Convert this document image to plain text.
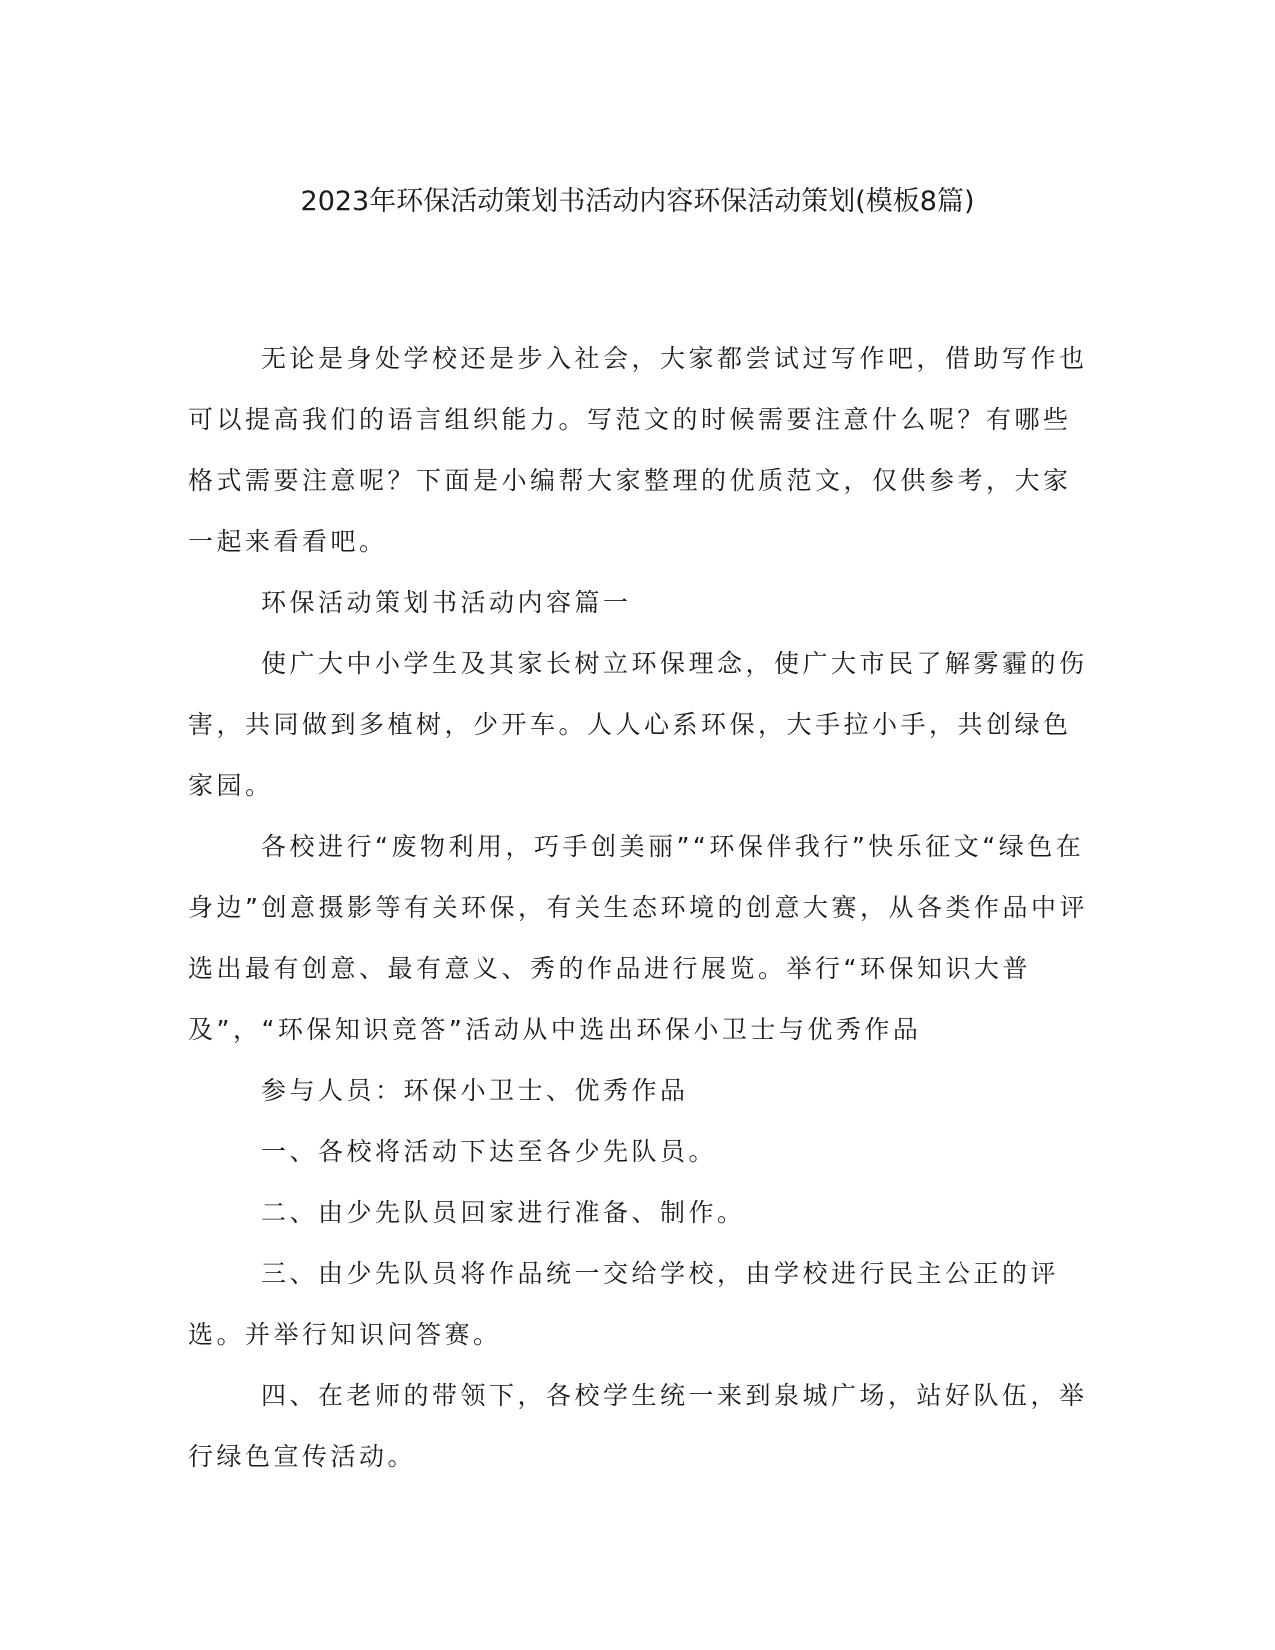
2023年环保活动策划书活动内容环保活动策划(模板8篇)

无论是身处学校还是步入社会，大家都尝试过写作吧，借助写作也可以提高我们的语言组织能力。写范文的时候需要注意什么呢？有哪些格式需要注意呢？下面是小编帮大家整理的优质范文，仅供参考，大家一起来看看吧。

环保活动策划书活动内容篇一

使广大中小学生及其家长树立环保理念，使广大市民了解雾霾的伤害，共同做到多植树，少开车。人人心系环保，大手拉小手，共创绿色家园。

各校进行“废物利用，巧手创美丽”“环保伴我行”快乐征文“绿色在身边”创意摄影等有关环保，有关生态环境的创意大赛，从各类作品中评选出最有创意、最有意义、秀的作品进行展览。举行“环保知识大普及”，“环保知识竞答”活动从中选出环保小卫士与优秀作品

参与人员：环保小卫士、优秀作品

一、各校将活动下达至各少先队员。

二、由少先队员回家进行准备、制作。

三、由少先队员将作品统一交给学校，由学校进行民主公正的评选。并举行知识问答赛。

四、在老师的带领下，各校学生统一来到泉城广场，站好队伍，举行绿色宣传活动。
